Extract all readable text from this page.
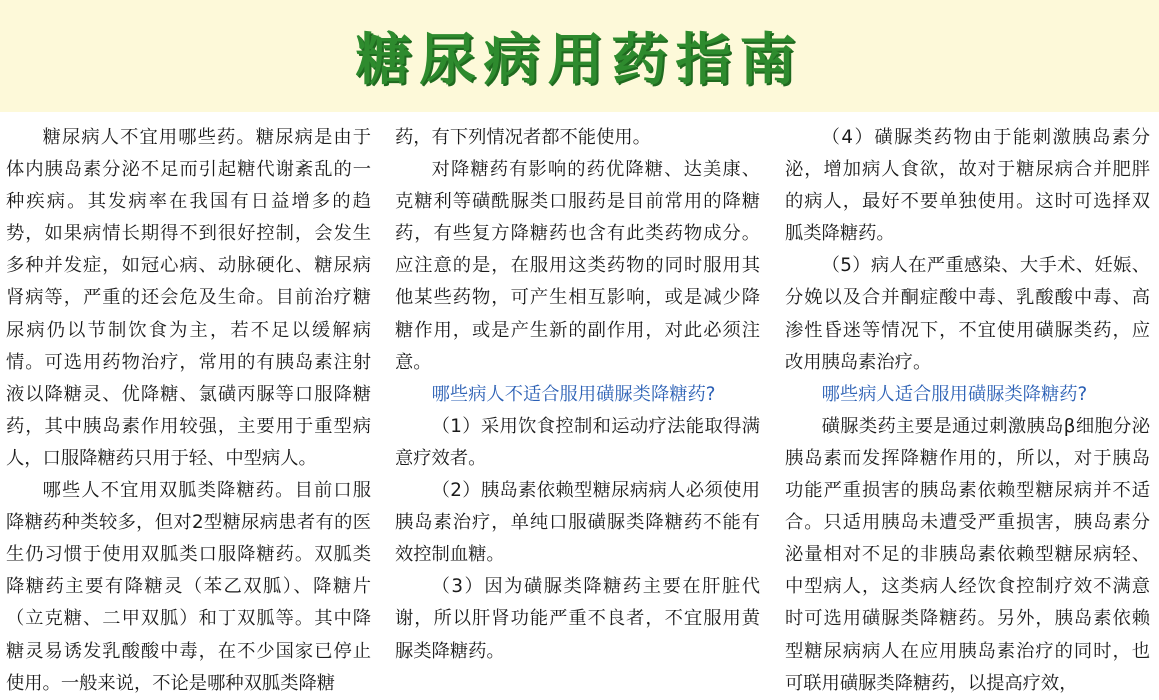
糖尿病用药指南

糖尿病人不宜用哪些药。糖尿病是由于体内胰岛素分泌不足而引起糖代谢紊乱的一种疾病。其发病率在我国有日益增多的趋势，如果病情长期得不到很好控制，会发生多种并发症，如冠心病、动脉硬化、糖尿病肾病等，严重的还会危及生命。目前治疗糖尿病仍以节制饮食为主，若不足以缓解病情。可选用药物治疗，常用的有胰岛素注射液以降糖灵、优降糖、氯磺丙脲等口服降糖药，其中胰岛素作用较强，主要用于重型病人，口服降糖药只用于轻、中型病人。

哪些人不宜用双胍类降糖药。目前口服降糖药种类较多，但对2型糖尿病患者有的医生仍习惯于使用双胍类口服降糖药。双胍类降糖药主要有降糖灵（苯乙双胍）、降糖片（立克糖、二甲双胍）和丁双胍等。其中降糖灵易诱发乳酸酸中毒，在不少国家已停止使用。一般来说，不论是哪种双胍类降糖

药，有下列情况者都不能使用。

对降糖药有影响的药优降糖、达美康、克糖利等磺酰脲类口服药是目前常用的降糖药，有些复方降糖药也含有此类药物成分。应注意的是，在服用这类药物的同时服用其他某些药物，可产生相互影响，或是减少降糖作用，或是产生新的副作用，对此必须注意。

哪些病人不适合服用磺脲类降糖药?

（1）采用饮食控制和运动疗法能取得满意疗效者。

（2）胰岛素依赖型糖尿病病人必须使用胰岛素治疗，单纯口服磺脲类降糖药不能有效控制血糖。

（3）因为磺脲类降糖药主要在肝脏代谢，所以肝肾功能严重不良者，不宜服用黄脲类降糖药。

（4）磺脲类药物由于能刺激胰岛素分泌，增加病人食欲，故对于糖尿病合并肥胖的病人，最好不要单独使用。这时可选择双胍类降糖药。

（5）病人在严重感染、大手术、妊娠、分娩以及合并酮症酸中毒、乳酸酸中毒、高渗性昏迷等情况下，不宜使用磺脲类药，应改用胰岛素治疗。

哪些病人适合服用磺脲类降糖药?

磺脲类药主要是通过刺激胰岛β细胞分泌胰岛素而发挥降糖作用的，所以，对于胰岛功能严重损害的胰岛素依赖型糖尿病并不适合。只适用胰岛未遭受严重损害，胰岛素分泌量相对不足的非胰岛素依赖型糖尿病轻、中型病人，这类病人经饮食控制疗效不满意时可选用磺脲类降糖药。另外，胰岛素依赖型糖尿病病人在应用胰岛素治疗的同时，也可联用磺脲类降糖药，以提高疗效，
